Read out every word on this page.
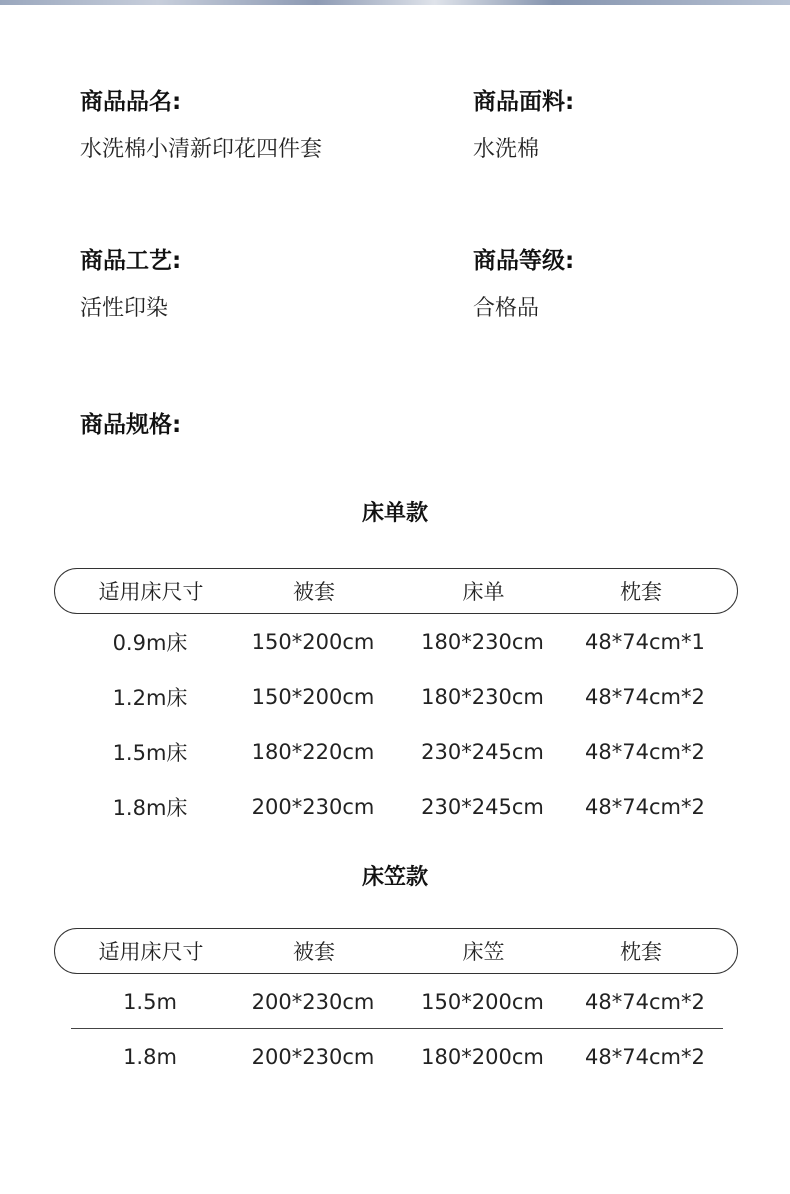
商品品名:
水洗棉小清新印花四件套
商品面料:
水洗棉
商品工艺:
活性印染
商品等级:
合格品
商品规格:
床单款
适用床尺寸	被套	床单	枕套
0.9m床	150*200cm	180*230cm	48*74cm*1
1.2m床	150*200cm	180*230cm	48*74cm*2
1.5m床	180*220cm	230*245cm	48*74cm*2
1.8m床	200*230cm	230*245cm	48*74cm*2
床笠款
适用床尺寸	被套	床笠	枕套
1.5m	200*230cm	150*200cm	48*74cm*2
1.8m	200*230cm	180*200cm	48*74cm*2
